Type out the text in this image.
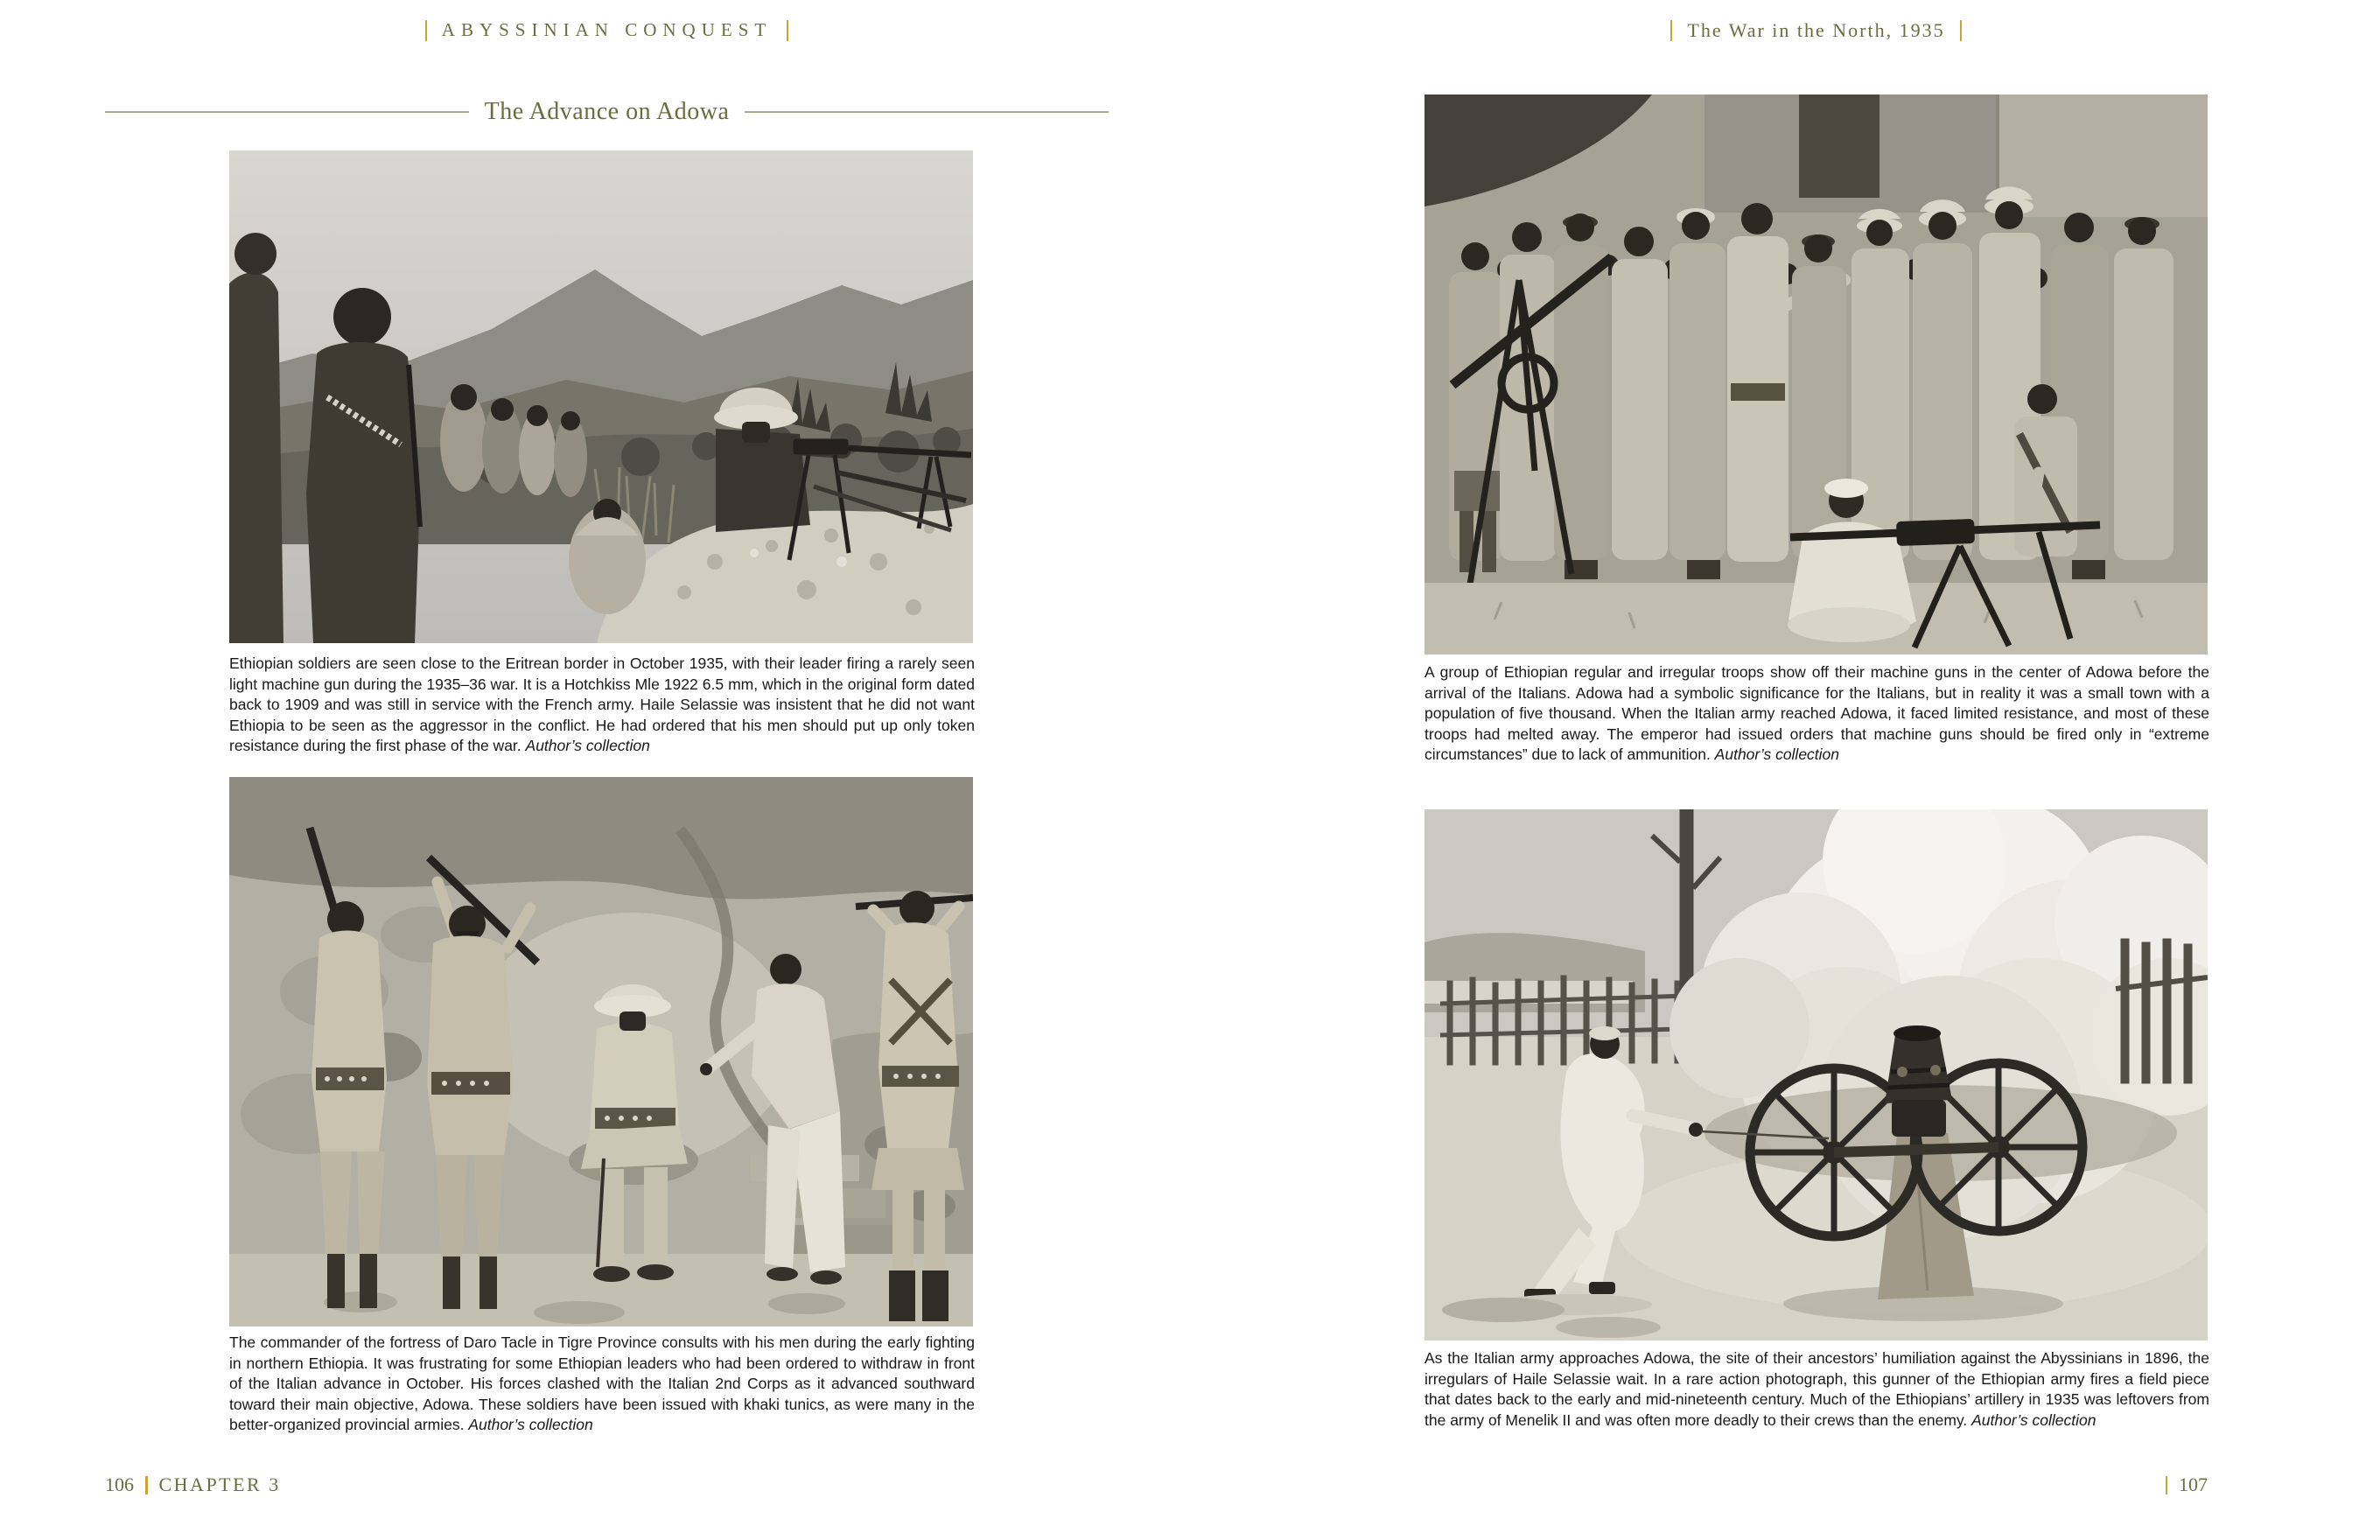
ABYSSINIAN CONQUEST
The Advance on Adowa

Ethiopian soldiers are seen close to the Eritrean border in October 1935, with their leader firing a rarely seen light machine gun during the 1935–36 war. It is a Hotchkiss Mle 1922 6.5 mm, which in the original form dated back to 1909 and was still in service with the French army. Haile Selassie was insistent that he did not want Ethiopia to be seen as the aggressor in the conflict. He had ordered that his men should put up only token resistance during the first phase of the war. Author’s collection

The commander of the fortress of Daro Tacle in Tigre Province consults with his men during the early fighting in northern Ethiopia. It was frustrating for some Ethiopian leaders who had been ordered to withdraw in front of the Italian advance in October. His forces clashed with the Italian 2nd Corps as it advanced southward toward their main objective, Adowa. These soldiers have been issued with khaki tunics, as were many in the better-organized provincial armies. Author’s collection

106 CHAPTER 3
The War in the North, 1935

A group of Ethiopian regular and irregular troops show off their machine guns in the center of Adowa before the arrival of the Italians. Adowa had a symbolic significance for the Italians, but in reality it was a small town with a population of five thousand. When the Italian army reached Adowa, it faced limited resistance, and most of these troops had melted away. The emperor had issued orders that machine guns should be fired only in “extreme circumstances” due to lack of ammunition. Author’s collection

As the Italian army approaches Adowa, the site of their ancestors’ humiliation against the Abyssinians in 1896, the irregulars of Haile Selassie wait. In a rare action photograph, this gunner of the Ethiopian army fires a field piece that dates back to the early and mid-nineteenth century. Much of the Ethiopians’ artillery in 1935 was leftovers from the army of Menelik II and was often more deadly to their crews than the enemy. Author’s collection

107
